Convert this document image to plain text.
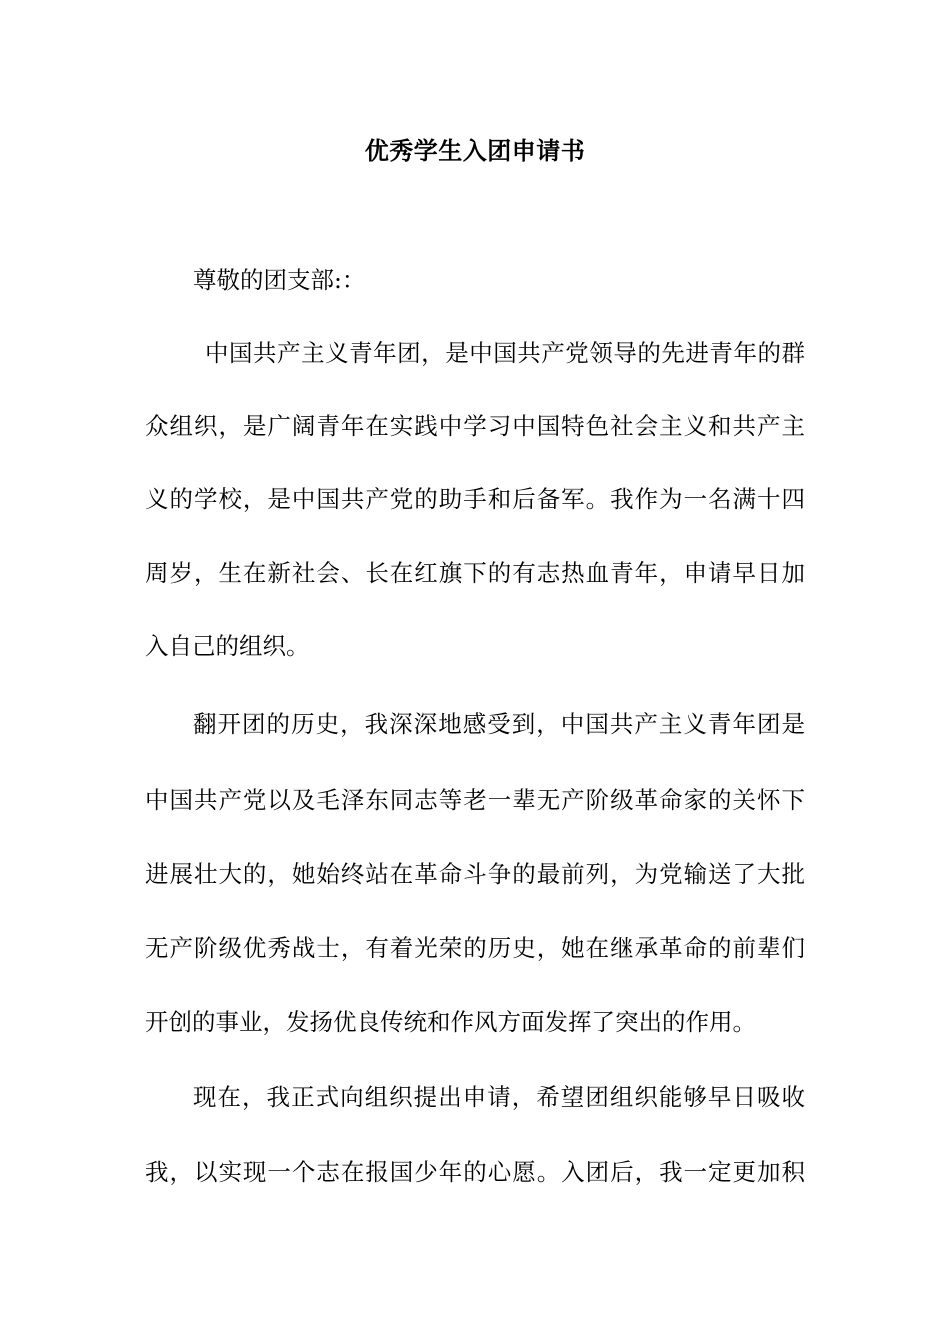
优秀学生入团申请书
尊敬的团支部:：
中国共产主义青年团，是中国共产党领导的先进青年的群
众组织，是广阔青年在实践中学习中国特色社会主义和共产主
义的学校，是中国共产党的助手和后备军。我作为一名满十四
周岁，生在新社会、长在红旗下的有志热血青年，申请早日加
入自己的组织。
翻开团的历史，我深深地感受到，中国共产主义青年团是
中国共产党以及毛泽东同志等老一辈无产阶级革命家的关怀下
进展壮大的，她始终站在革命斗争的最前列，为党输送了大批
无产阶级优秀战士，有着光荣的历史，她在继承革命的前辈们
开创的事业，发扬优良传统和作风方面发挥了突出的作用。
现在，我正式向组织提出申请，希望团组织能够早日吸收
我，以实现一个志在报国少年的心愿。入团后，我一定更加积
